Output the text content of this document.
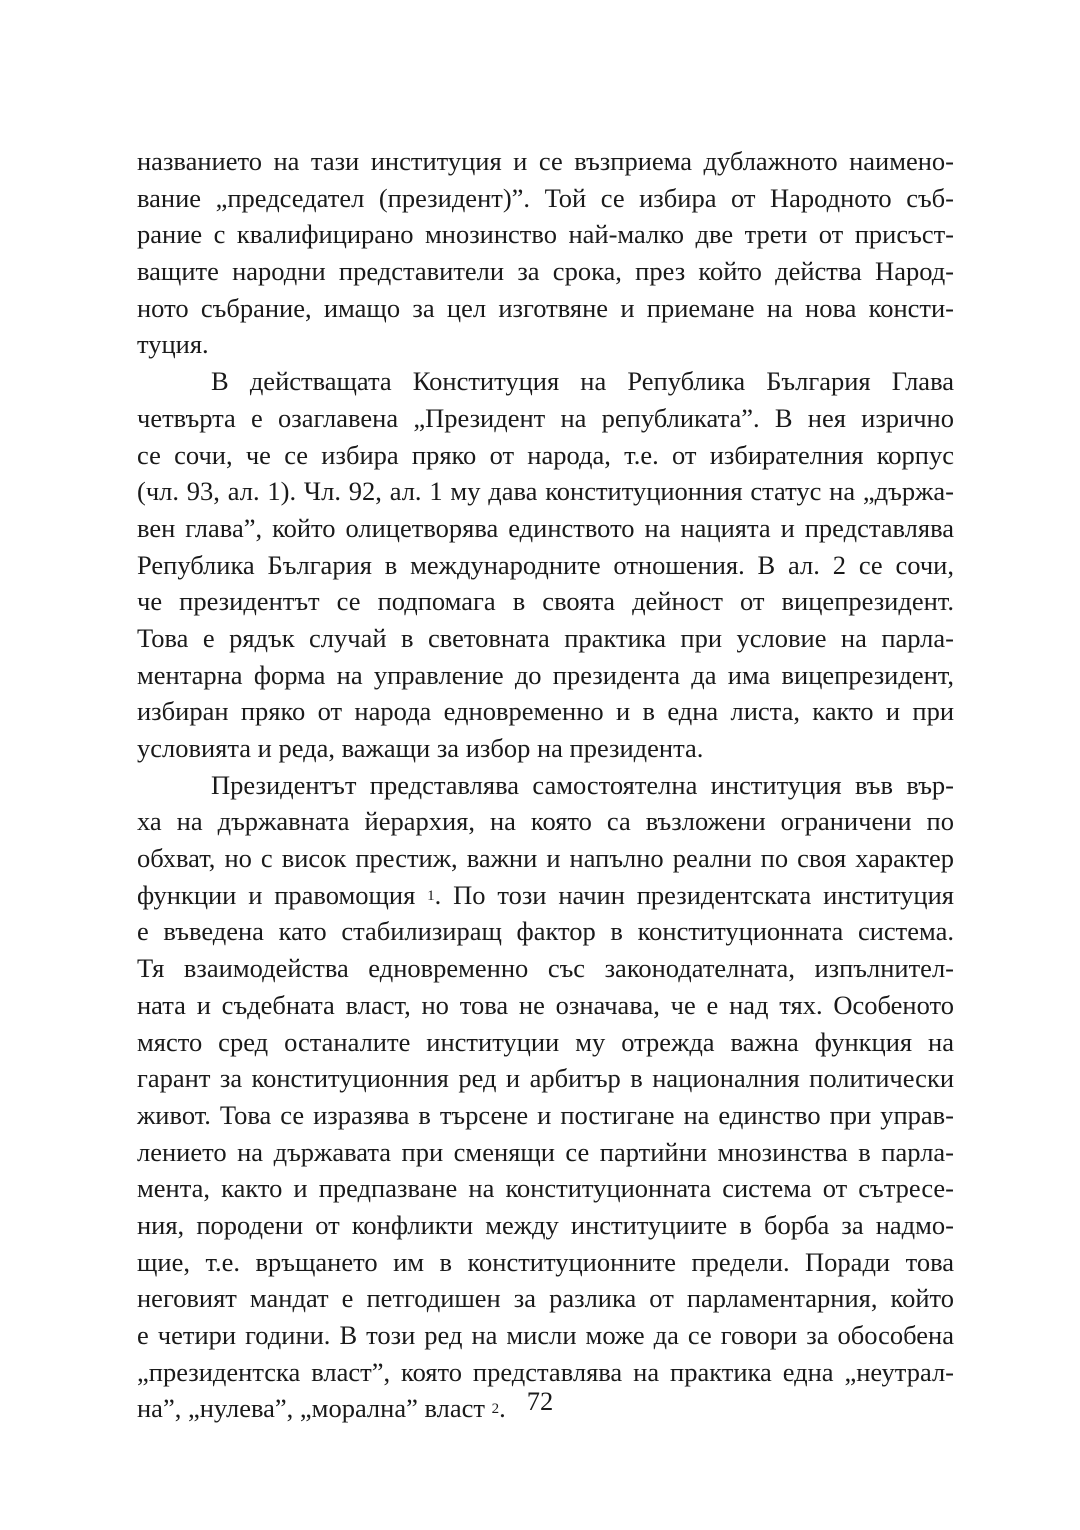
названието на тази институция и се възприема дублажното наимено-
вание „председател (президент)”. Той се избира от Народното съб-
рание с квалифицирано мнозинство най-малко две трети от присъст-
ващите народни представители за срока, през който действа Народ-
ното събрание, имащо за цел изготвяне и приемане на нова консти-
туция.
В действащата Конституция на Република България Глава
четвърта е озаглавена „Президент на републиката”. В нея изрично
се сочи, че се избира пряко от народа, т.е. от избирателния корпус
(чл. 93, ал. 1). Чл. 92, ал. 1 му дава конституционния статус на „държа-
вен глава”, който олицетворява единството на нацията и представлява
Република България в международните отношения. В ал. 2 се сочи,
че президентът се подпомага в своята дейност от вицепрезидент.
Това е рядък случай в световната практика при условие на парла-
ментарна форма на управление до президента да има вицепрезидент,
избиран пряко от народа едновременно и в една листа, както и при
условията и реда, важащи за избор на президента.
Президентът представлява самостоятелна институция във вър-
ха на държавната йерархия, на която са възложени ограничени по
обхват, но с висок престиж, важни и напълно реални по своя характер
функции и правомощия $^1$. По този начин президентската институция
е въведена като стабилизиращ фактор в конституционната система.
Тя взаимодейства едновременно със законодателната, изпълнител-
ната и съдебната власт, но това не означава, че е над тях. Особеното
място сред останалите институции му отрежда важна функция на
гарант за конституционния ред и арбитър в националния политически
живот. Това се изразява в търсене и постигане на единство при управ-
лението на държавата при сменящи се партийни мнозинства в парла-
мента, както и предпазване на конституционната система от сътресе-
ния, породени от конфликти между институциите в борба за надмо-
щие, т.е. връщането им в конституционните предели. Поради това
неговият мандат е петгодишен за разлика от парламентарния, който
е четири години. В този ред на мисли може да се говори за обособена
„президентска власт”, която представлява на практика една „неутрал-
на”, „нулева”, „морална” власт $^2$. 72
